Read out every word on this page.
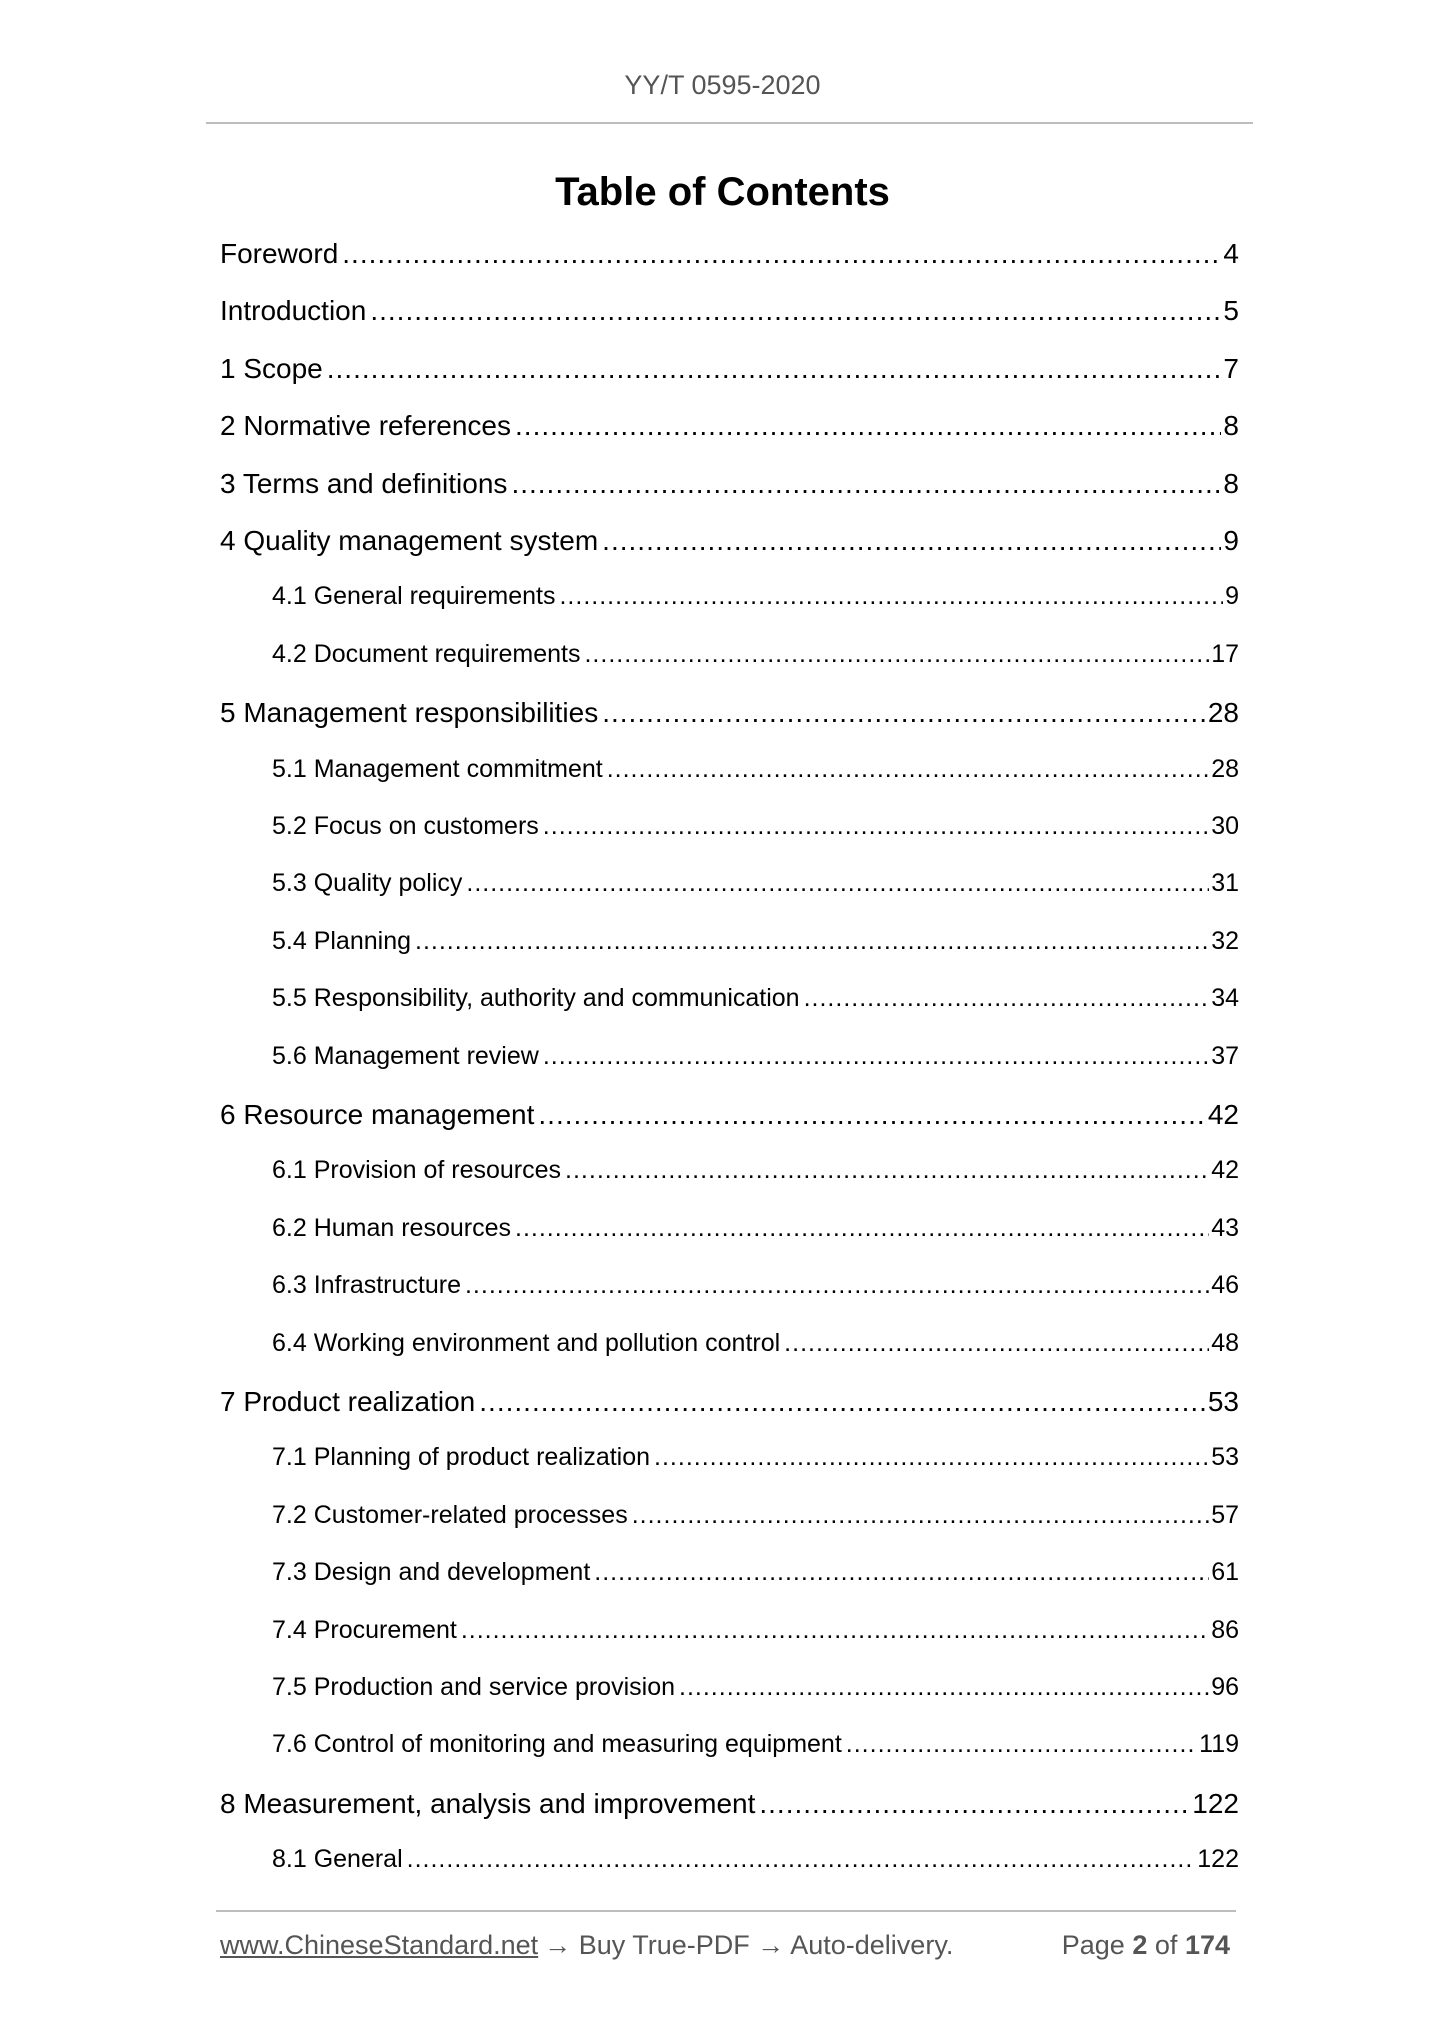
YY/T 0595-2020
Table of Contents
Foreword .....	4
Introduction .....	5
1 Scope .....	7
2 Normative references .....	8
3 Terms and definitions .....	8
4 Quality management system .....	9
4.1 General requirements .....	9
4.2 Document requirements .....	17
5 Management responsibilities .....	28
5.1 Management commitment .....	28
5.2 Focus on customers .....	30
5.3 Quality policy .....	31
5.4 Planning .....	32
5.5 Responsibility, authority and communication .....	34
5.6 Management review .....	37
6 Resource management .....	42
6.1 Provision of resources .....	42
6.2 Human resources .....	43
6.3 Infrastructure .....	46
6.4 Working environment and pollution control .....	48
7 Product realization .....	53
7.1 Planning of product realization .....	53
7.2 Customer-related processes .....	57
7.3 Design and development .....	61
7.4 Procurement .....	86
7.5 Production and service provision .....	96
7.6 Control of monitoring and measuring equipment .....	119
8 Measurement, analysis and improvement .....	122
8.1 General .....	122
www.ChineseStandard.net → Buy True-PDF → Auto-delivery.	Page 2 of 174
